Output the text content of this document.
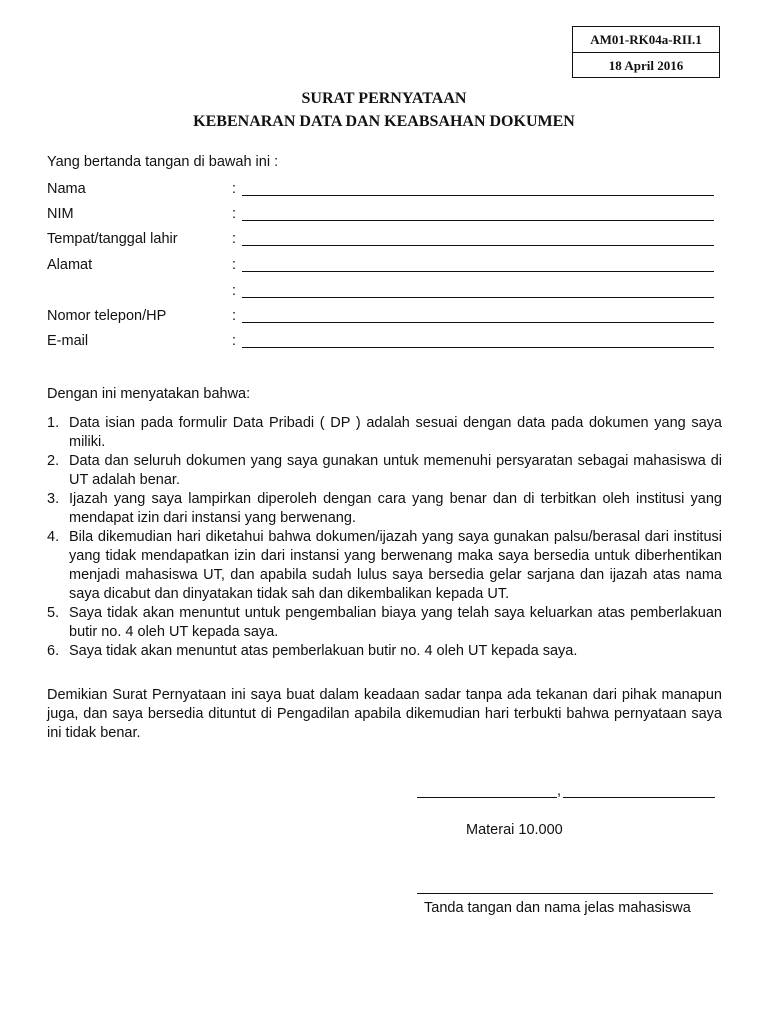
AM01-RK04a-RII.1
18 April 2016
SURAT PERNYATAAN
KEBENARAN DATA DAN KEABSAHAN DOKUMEN
Yang bertanda tangan di bawah ini :
Nama	:
NIM	:
Tempat/tanggal lahir	:
Alamat	:
:
Nomor telepon/HP	:
E-mail	:
Dengan ini menyatakan bahwa:
1. Data isian pada formulir Data Pribadi ( DP ) adalah sesuai dengan data pada dokumen yang saya miliki.
2. Data dan seluruh dokumen yang saya gunakan untuk memenuhi persyaratan sebagai mahasiswa di UT adalah benar.
3. Ijazah yang saya lampirkan diperoleh dengan cara yang benar dan di terbitkan oleh institusi yang mendapat izin dari instansi yang berwenang.
4. Bila dikemudian hari diketahui bahwa dokumen/ijazah yang saya gunakan palsu/berasal dari institusi yang tidak mendapatkan izin dari instansi yang berwenang maka saya bersedia untuk diberhentikan menjadi mahasiswa UT, dan apabila sudah lulus saya bersedia gelar sarjana dan ijazah atas nama saya dicabut dan dinyatakan tidak sah dan dikembalikan kepada UT.
5. Saya tidak akan menuntut untuk pengembalian biaya yang telah saya keluarkan atas pemberlakuan butir no. 4 oleh UT kepada saya.
6. Saya tidak akan menuntut atas pemberlakuan butir no. 4 oleh UT kepada saya.
Demikian Surat Pernyataan ini saya buat dalam keadaan sadar tanpa ada tekanan dari pihak manapun juga, dan saya bersedia dituntut di Pengadilan apabila dikemudian hari terbukti bahwa pernyataan saya ini tidak benar.
,
Materai 10.000
Tanda tangan dan nama jelas mahasiswa
